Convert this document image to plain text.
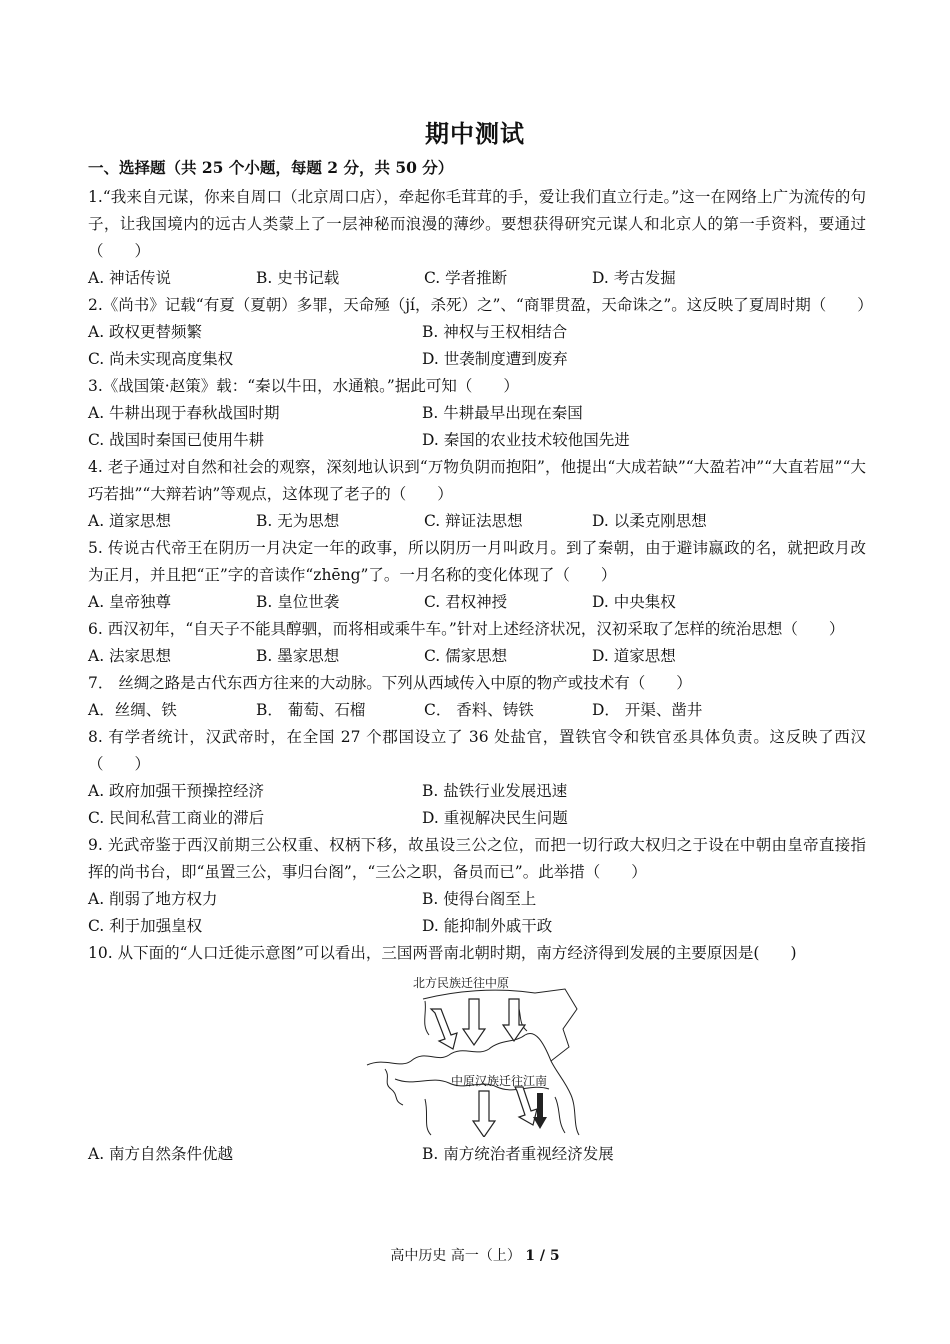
期中测试
一、选择题（共 25 个小题，每题 2 分，共 50 分）

1.“我来自元谋，你来自周口（北京周口店），牵起你毛茸茸的手，爱让我们直立行走。”这一在网络上广为流传的句子，让我国境内的远古人类蒙上了一层神秘而浪漫的薄纱。要想获得研究元谋人和北京人的第一手资料，要通过（　　）

A. 神话传说	B. 史书记载	C. 学者推断	D. 考古发掘

2.《尚书》记载“有夏（夏朝）多罪，天命殛（jí，杀死）之”、“商罪贯盈，天命诛之”。这反映了夏周时期（　　）

A. 政权更替频繁	B. 神权与王权相结合
C. 尚未实现高度集权	D. 世袭制度遭到废弃

3.《战国策·赵策》载：“秦以牛田，水通粮。”据此可知（　　）

A. 牛耕出现于春秋战国时期	B. 牛耕最早出现在秦国
C. 战国时秦国已使用牛耕	D. 秦国的农业技术较他国先进

4. 老子通过对自然和社会的观察，深刻地认识到“万物负阴而抱阳”，他提出“大成若缺”“大盈若冲”“大直若屈”“大巧若拙”“大辩若讷”等观点，这体现了老子的（　　）

A. 道家思想	B. 无为思想	C. 辩证法思想	D. 以柔克刚思想

5. 传说古代帝王在阴历一月决定一年的政事，所以阴历一月叫政月。到了秦朝，由于避讳嬴政的名，就把政月改为正月，并且把“正”字的音读作“zhēng”了。一月名称的变化体现了（　　）

A. 皇帝独尊	B. 皇位世袭	C. 君权神授	D. 中央集权

6. 西汉初年，“自天子不能具醇驷，而将相或乘牛车。”针对上述经济状况，汉初采取了怎样的统治思想（　　）

A. 法家思想	B. 墨家思想	C. 儒家思想	D. 道家思想

7． 丝绸之路是古代东西方往来的大动脉。下列从西域传入中原的物产或技术有（　　）

A．丝绸、铁	B． 葡萄、石榴	C． 香料、铸铁	D． 开渠、凿井

8. 有学者统计，汉武帝时，在全国 27 个郡国设立了 36 处盐官，置铁官令和铁官丞具体负责。这反映了西汉（　　）

A. 政府加强干预操控经济	B. 盐铁行业发展迅速
C. 民间私营工商业的滞后	D. 重视解决民生问题

9. 光武帝鉴于西汉前期三公权重、权柄下移，故虽设三公之位，而把一切行政大权归之于设在中朝由皇帝直接指挥的尚书台，即“虽置三公，事归台阁”，“三公之职，备员而已”。此举措（　　）

A. 削弱了地方权力	B. 使得台阁至上
C. 利于加强皇权	D. 能抑制外戚干政

10. 从下面的“人口迁徙示意图”可以看出，三国两晋南北朝时期，南方经济得到发展的主要原因是(　　)

北方民族迁往中原
中原汉族迁往江南
A. 南方自然条件优越	B. 南方统治者重视经济发展
高中历史 高一（上） 1 / 5
